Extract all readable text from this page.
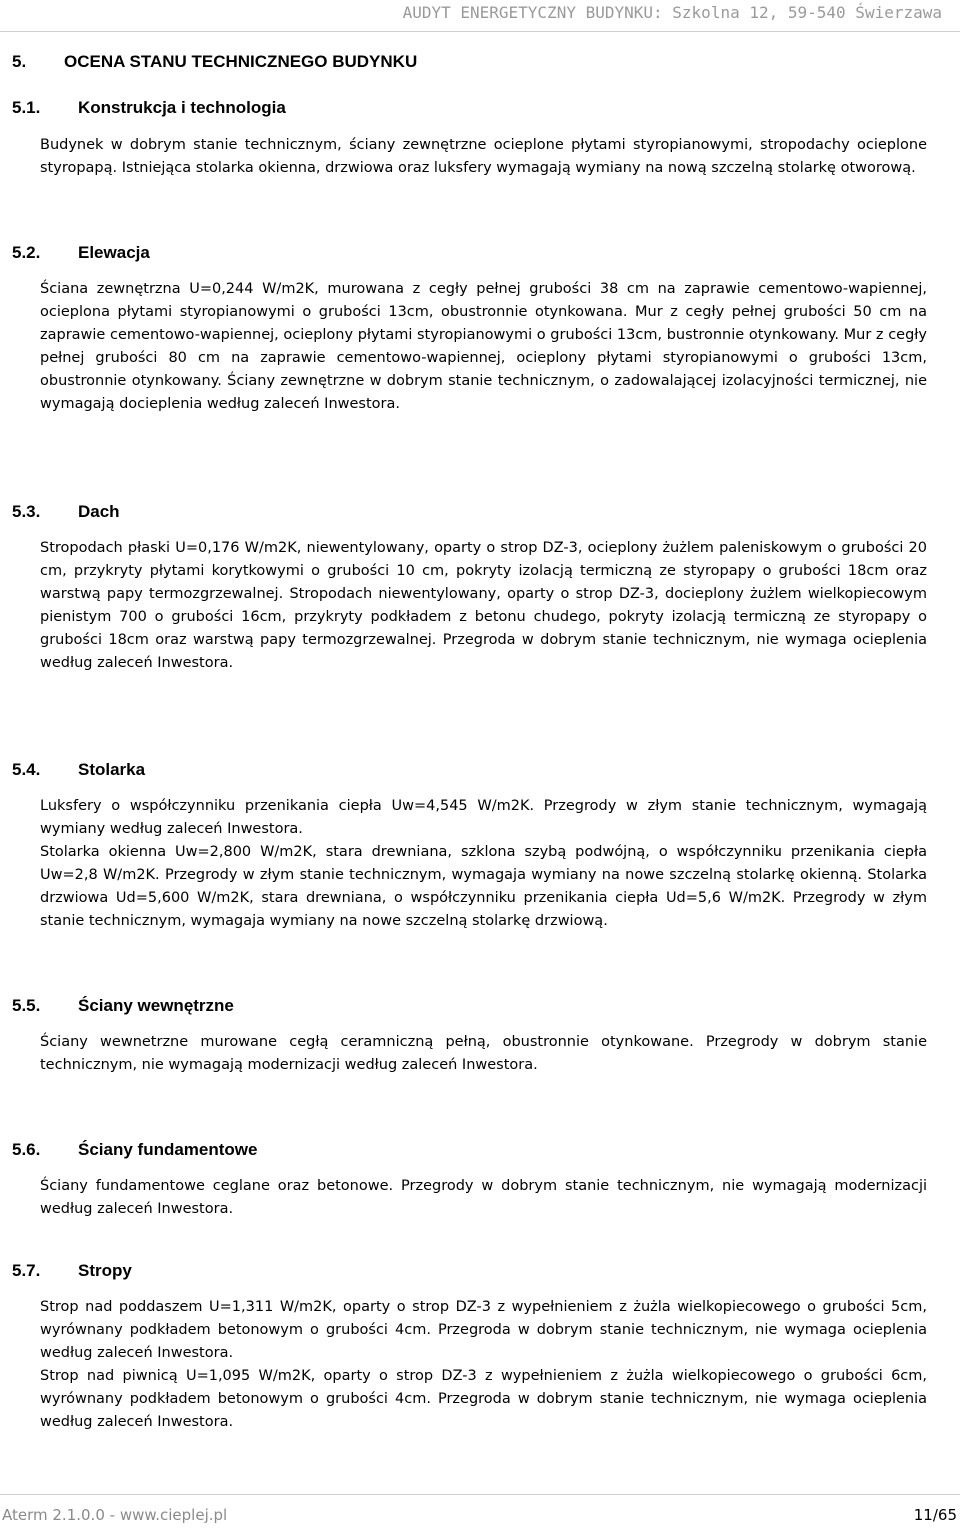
AUDYT ENERGETYCZNY BUDYNKU: Szkolna 12, 59-540 Świerzawa
5. OCENA STANU TECHNICZNEGO BUDYNKU
5.1. Konstrukcja i technologia

Budynek w dobrym stanie technicznym, ściany zewnętrzne ocieplone płytami styropianowymi, stropodachy ocieplone styropapą. Istniejąca stolarka okienna, drzwiowa oraz luksfery wymagają wymiany na nową szczelną stolarkę otworową.

5.2. Elewacja

Ściana zewnętrzna U=0,244 W/m2K, murowana z cegły pełnej grubości 38 cm na zaprawie cementowo-wapiennej, ocieplona płytami styropianowymi o grubości 13cm, obustronnie otynkowana. Mur z cegły pełnej grubości 50 cm na zaprawie cementowo-wapiennej, ocieplony płytami styropianowymi o grubości 13cm, bustronnie otynkowany. Mur z cegły pełnej grubości 80 cm na zaprawie cementowo-wapiennej, ocieplony płytami styropianowymi o grubości 13cm, obustronnie otynkowany. Ściany zewnętrzne w dobrym stanie technicznym, o zadowalającej izolacyjności termicznej, nie wymagają docieplenia według zaleceń Inwestora.

5.3. Dach

Stropodach płaski U=0,176 W/m2K, niewentylowany, oparty o strop DZ-3, ocieplony żużlem paleniskowym o grubości 20 cm, przykryty płytami korytkowymi o grubości 10 cm, pokryty izolacją termiczną ze styropapy o grubości 18cm oraz warstwą papy termozgrzewalnej. Stropodach niewentylowany, oparty o strop DZ-3, docieplony żużlem wielkopiecowym pienistym 700 o grubości 16cm, przykryty podkładem z betonu chudego, pokryty izolacją termiczną ze styropapy o grubości 18cm oraz warstwą papy termozgrzewalnej. Przegroda w dobrym stanie technicznym, nie wymaga ocieplenia według zaleceń Inwestora.

5.4. Stolarka

Luksfery o współczynniku przenikania ciepła Uw=4,545 W/m2K. Przegrody w złym stanie technicznym, wymagają wymiany według zaleceń Inwestora.

Stolarka okienna Uw=2,800 W/m2K, stara drewniana, szklona szybą podwójną, o współczynniku przenikania ciepła Uw=2,8 W/m2K. Przegrody w złym stanie technicznym, wymagaja wymiany na nowe szczelną stolarkę okienną. Stolarka drzwiowa Ud=5,600 W/m2K, stara drewniana, o współczynniku przenikania ciepła Ud=5,6 W/m2K. Przegrody w złym stanie technicznym, wymagaja wymiany na nowe szczelną stolarkę drzwiową.

5.5. Ściany wewnętrzne

Ściany wewnetrzne murowane cegłą ceramniczną pełną, obustronnie otynkowane. Przegrody w dobrym stanie technicznym, nie wymagają modernizacji według zaleceń Inwestora.

5.6. Ściany fundamentowe

Ściany fundamentowe ceglane oraz betonowe. Przegrody w dobrym stanie technicznym, nie wymagają modernizacji według zaleceń Inwestora.

5.7. Stropy

Strop nad poddaszem U=1,311 W/m2K, oparty o strop DZ-3 z wypełnieniem z żużla wielkopiecowego o grubości 5cm, wyrównany podkładem betonowym o grubości 4cm. Przegroda w dobrym stanie technicznym, nie wymaga ocieplenia według zaleceń Inwestora.

Strop nad piwnicą U=1,095 W/m2K, oparty o strop DZ-3 z wypełnieniem z żużla wielkopiecowego o grubości 6cm, wyrównany podkładem betonowym o grubości 4cm. Przegroda w dobrym stanie technicznym, nie wymaga ocieplenia według zaleceń Inwestora.

Aterm 2.1.0.0 - www.cieplej.pl	11/65
